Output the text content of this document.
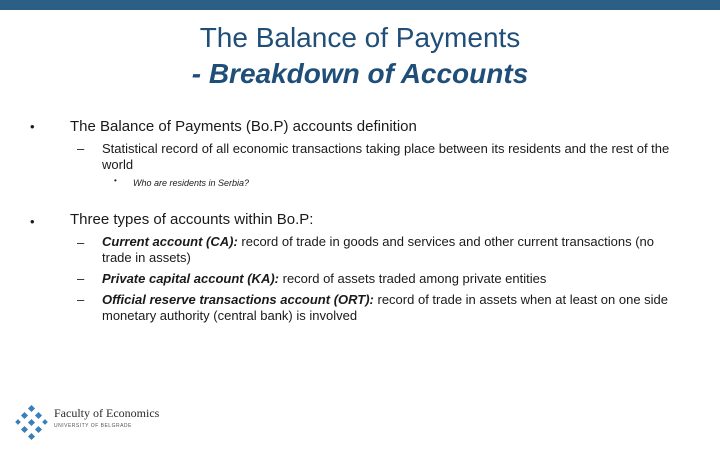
The Balance of Payments
- Breakdown of Accounts
• The Balance of Payments (Bo.P) accounts definition
– Statistical record of all economic transactions taking place between its residents and the rest of the world
• Who are residents in Serbia?
• Three types of accounts within Bo.P:
– Current account (CA): record of trade in goods and services and other current transactions (no trade in assets)
– Private capital account (KA): record of assets traded among private entities
– Official reserve transactions account (ORT): record of trade in assets when at least on one side monetary authority (central bank) is involved
Faculty of Economics
UNIVERSITY OF BELGRADE
